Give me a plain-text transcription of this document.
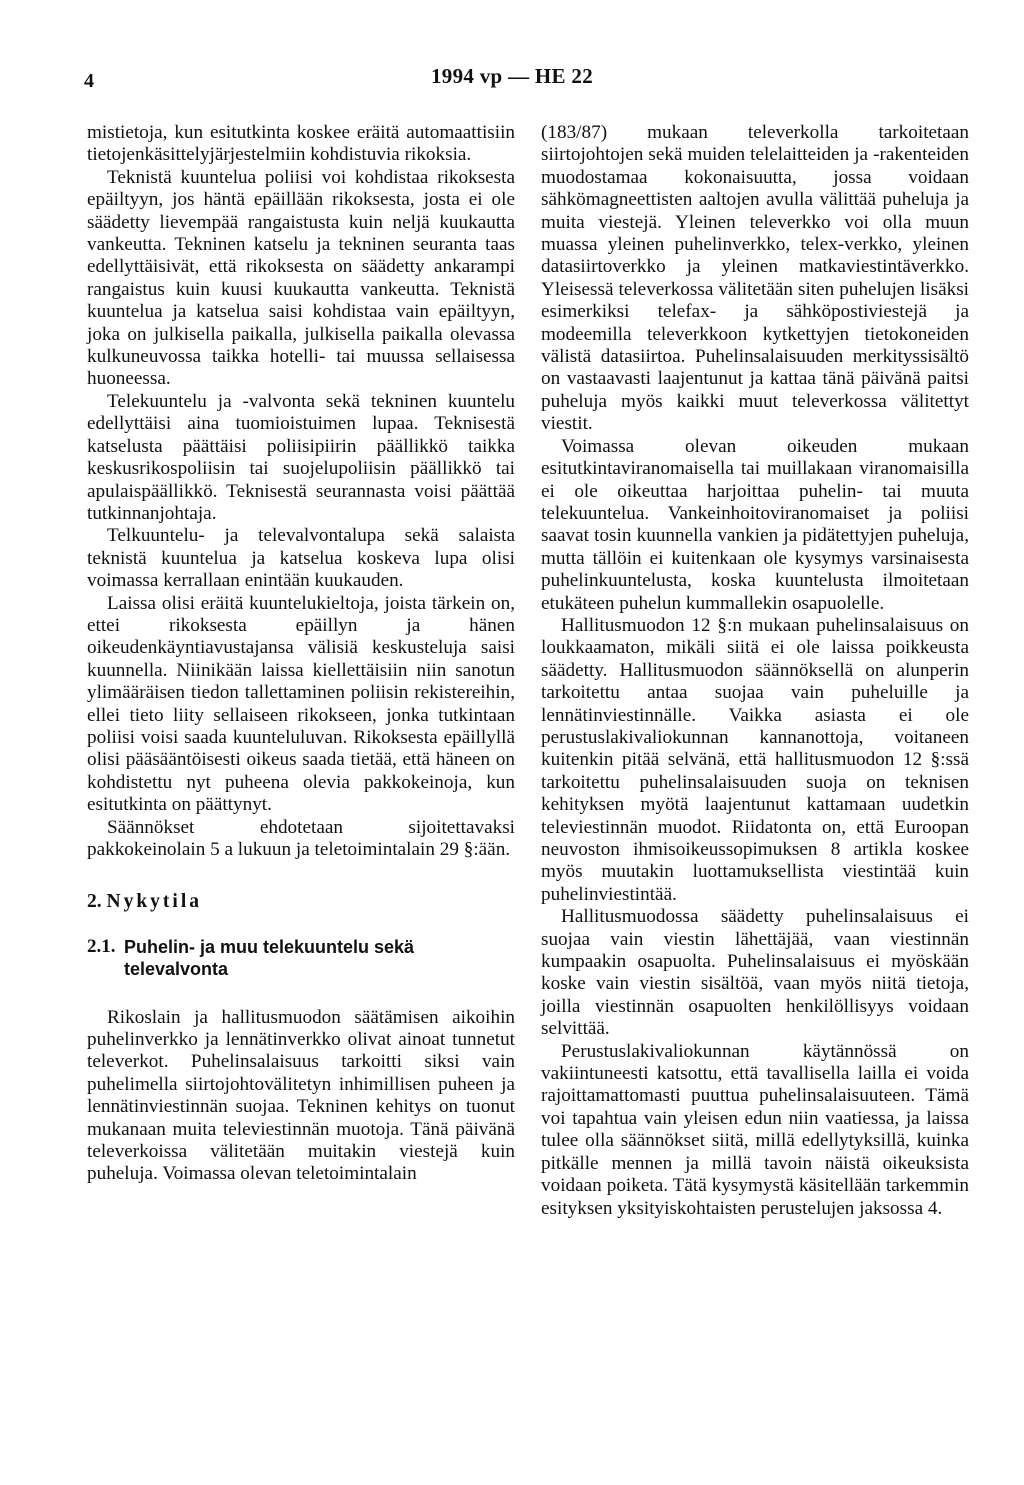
4	1994 vp — HE 22

mistietoja, kun esitutkinta koskee eräitä automaattisiin tietojenkäsittelyjärjestelmiin kohdistuvia rikoksia.

Teknistä kuuntelua poliisi voi kohdistaa rikoksesta epäiltyyn, jos häntä epäillään rikoksesta, josta ei ole säädetty lievempää rangaistusta kuin neljä kuukautta vankeutta. Tekninen katselu ja tekninen seuranta taas edellyttäisivät, että rikoksesta on säädetty ankarampi rangaistus kuin kuusi kuukautta vankeutta. Teknistä kuuntelua ja katselua saisi kohdistaa vain epäiltyyn, joka on julkisella paikalla, julkisella paikalla olevassa kulkuneuvossa taikka hotelli- tai muussa sellaisessa huoneessa.

Telekuuntelu ja -valvonta sekä tekninen kuuntelu edellyttäisi aina tuomioistuimen lupaa. Teknisestä katselusta päättäisi poliisipiirin päällikkö taikka keskusrikospoliisin tai suojelupoliisin päällikkö tai apulaispäällikkö. Teknisestä seurannasta voisi päättää tutkinnanjohtaja.

Telkuuntelu- ja televalvontalupa sekä salaista teknistä kuuntelua ja katselua koskeva lupa olisi voimassa kerrallaan enintään kuukauden.

Laissa olisi eräitä kuuntelukieltoja, joista tärkein on, ettei rikoksesta epäillyn ja hänen oikeudenkäyntiavustajansa välisiä keskusteluja saisi kuunnella. Niinikään laissa kiellettäisiin niin sanotun ylimääräisen tiedon tallettaminen poliisin rekistereihin, ellei tieto liity sellaiseen rikokseen, jonka tutkintaan poliisi voisi saada kuunteluluvan. Rikoksesta epäillyllä olisi pääsääntöisesti oikeus saada tietää, että häneen on kohdistettu nyt puheena olevia pakkokeinoja, kun esitutkinta on päättynyt.

Säännökset ehdotetaan sijoitettavaksi pakkokeinolain 5 a lukuun ja teletoimintalain 29 §:ään.

2. Nykytila
2.1. Puhelin- ja muu telekuuntelu sekä televalvonta

Rikoslain ja hallitusmuodon säätämisen aikoihin puhelinverkko ja lennätinverkko olivat ainoat tunnetut televerkot. Puhelinsalaisuus tarkoitti siksi vain puhelimella siirtojohtovälitetyn inhimillisen puheen ja lennätinviestinnän suojaa. Tekninen kehitys on tuonut mukanaan muita televiestinnän muotoja. Tänä päivänä televerkoissa välitetään muitakin viestejä kuin puheluja. Voimassa olevan teletoimintalain

(183/87) mukaan televerkolla tarkoitetaan siirtojohtojen sekä muiden telelaitteiden ja -rakenteiden muodostamaa kokonaisuutta, jossa voidaan sähkömagneettisten aaltojen avulla välittää puheluja ja muita viestejä. Yleinen televerkko voi olla muun muassa yleinen puhelinverkko, telex-verkko, yleinen datasiirtoverkko ja yleinen matkaviestintäverkko. Yleisessä televerkossa välitetään siten puhelujen lisäksi esimerkiksi telefax- ja sähköpostiviestejä ja modeemilla televerkkoon kytkettyjen tietokoneiden välistä datasiirtoa. Puhelinsalaisuuden merkityssisältö on vastaavasti laajentunut ja kattaa tänä päivänä paitsi puheluja myös kaikki muut televerkossa välitettyt viestit.

Voimassa olevan oikeuden mukaan esitutkintaviranomaisella tai muillakaan viranomaisilla ei ole oikeuttaa harjoittaa puhelin- tai muuta telekuuntelua. Vankeinhoitoviranomaiset ja poliisi saavat tosin kuunnella vankien ja pidätettyjen puheluja, mutta tällöin ei kuitenkaan ole kysymys varsinaisesta puhelinkuuntelusta, koska kuuntelusta ilmoitetaan etukäteen puhelun kummallekin osapuolelle.

Hallitusmuodon 12 §:n mukaan puhelinsalaisuus on loukkaamaton, mikäli siitä ei ole laissa poikkeusta säädetty. Hallitusmuodon säännöksellä on alunperin tarkoitettu antaa suojaa vain puheluille ja lennätinviestinnälle. Vaikka asiasta ei ole perustuslakivaliokunnan kannanottoja, voitaneen kuitenkin pitää selvänä, että hallitusmuodon 12 §:ssä tarkoitettu puhelinsalaisuuden suoja on teknisen kehityksen myötä laajentunut kattamaan uudetkin televiestinnän muodot. Riidatonta on, että Euroopan neuvoston ihmisoikeussopimuksen 8 artikla koskee myös muutakin luottamuksellista viestintää kuin puhelinviestintää.

Hallitusmuodossa säädetty puhelinsalaisuus ei suojaa vain viestin lähettäjää, vaan viestinnän kumpaakin osapuolta. Puhelinsalaisuus ei myöskään koske vain viestin sisältöä, vaan myös niitä tietoja, joilla viestinnän osapuolten henkilöllisyys voidaan selvittää.

Perustuslakivaliokunnan käytännössä on vakiintuneesti katsottu, että tavallisella lailla ei voida rajoittamattomasti puuttua puhelinsalaisuuteen. Tämä voi tapahtua vain yleisen edun niin vaatiessa, ja laissa tulee olla säännökset siitä, millä edellytyksillä, kuinka pitkälle mennen ja millä tavoin näistä oikeuksista voidaan poiketa. Tätä kysymystä käsitellään tarkemmin esityksen yksityiskohtaisten perustelujen jaksossa 4.
